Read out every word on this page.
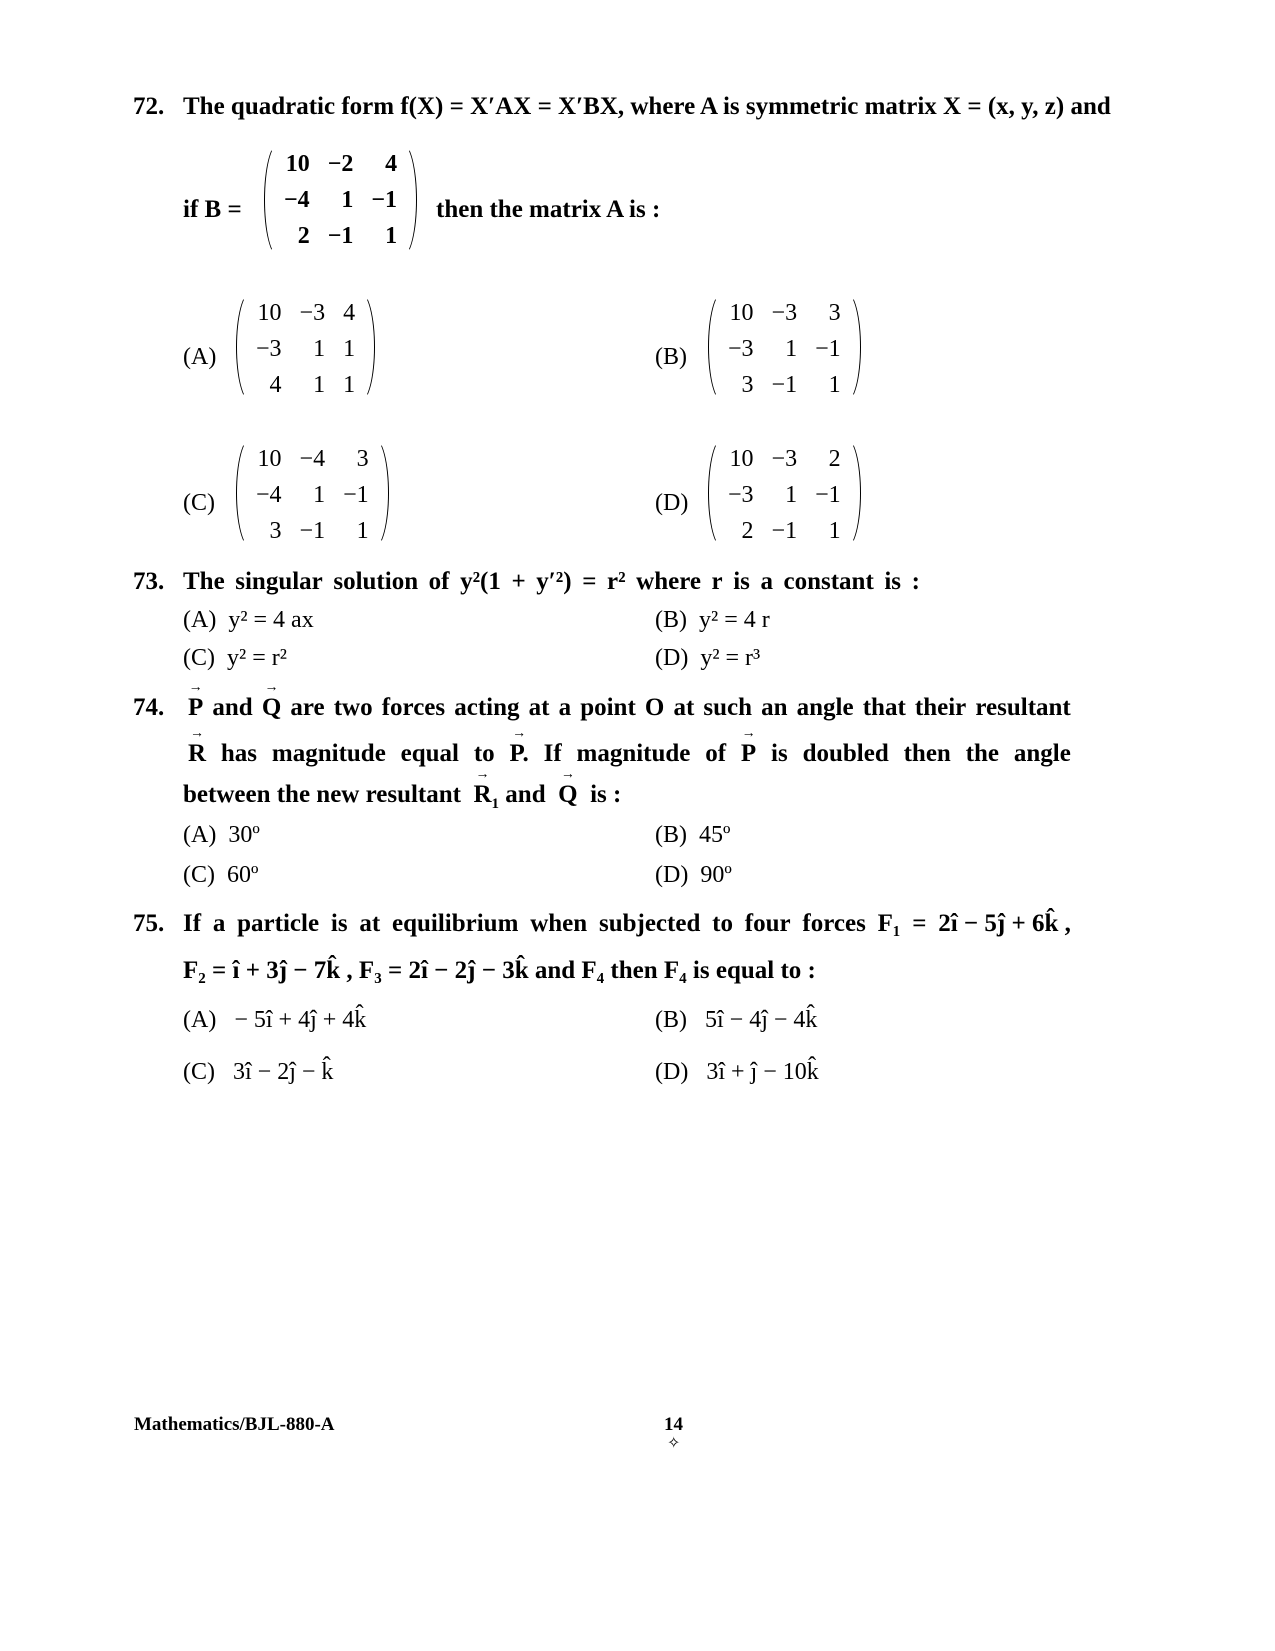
72. The quadratic form f(X) = X′AX = X′BX, where A is symmetric matrix X = (x, y, z) and
if B =
10 −2	4
−4	1 −1
2 −1	1
then the matrix A is :
(A)
10 −3 4
−3	1 1
4	1 1
(B)
10 −3	3
−3	1 −1
3 −1	1
(C)
10 −4	3
−4	1 −1
3 −1	1
(D)
10 −3	2
−3	1 −1
2 −1	1
73. The singular solution of y²(1 + y′²) = r² where r is a constant is :
(A) y² = 4 ax	(B) y² = 4 r
(C) y² = r²	(D) y² = r³
74. P → and Q → are two forces acting at a point O at such an angle that their resultant
R → has magnitude equal to P. → If magnitude of P → is doubled then the angle
between the new resultant $R \to_1$ and Q → is :
(A) 30º	(B) 45º
(C) 60º	(D) 90º
75. If a particle is at equilibrium when subjected to four forces F₁ = 2î − 5ĵ + 6k̂ ,
F₂ = î + 3ĵ − 7k̂ , F₃ = 2î − 2ĵ − 3k̂ and F₄ then F₄ is equal to :
(A) − 5î + 4ĵ + 4k̂	(B) 5î − 4ĵ − 4k̂
(C) 3î − 2ĵ − k̂	(D) 3î + ĵ − 10k̂
Mathematics/BJL-880-A	14
✧
